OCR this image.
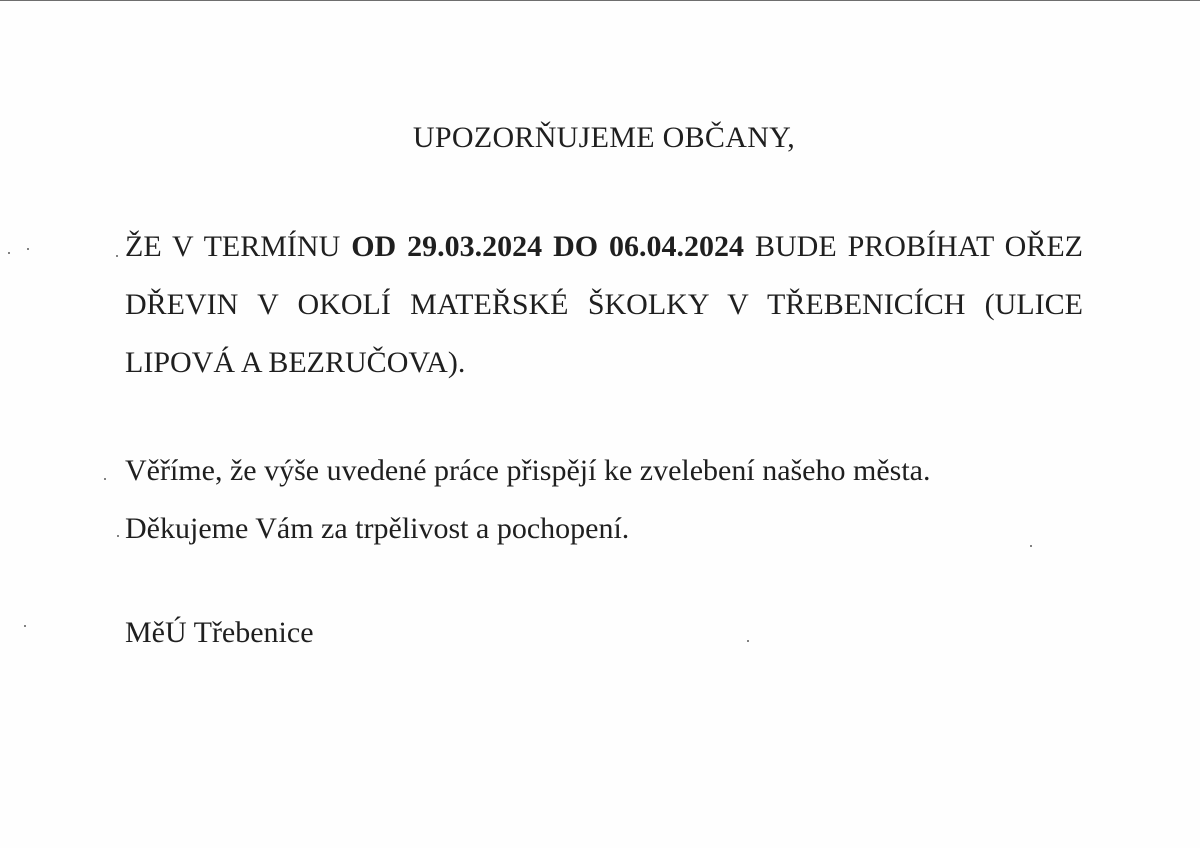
UPOZORŇUJEME OBČANY,

ŽE V TERMÍNU OD 29.03.2024 DO 06.04.2024 BUDE PROBÍHAT OŘEZ DŘEVIN V OKOLÍ MATEŘSKÉ ŠKOLKY V TŘEBENICÍCH (ULICE LIPOVÁ A BEZRUČOVA).

Věříme, že výše uvedené práce přispějí ke zvelebení našeho města.
Děkujeme Vám za trpělivost a pochopení.

MěÚ Třebenice
